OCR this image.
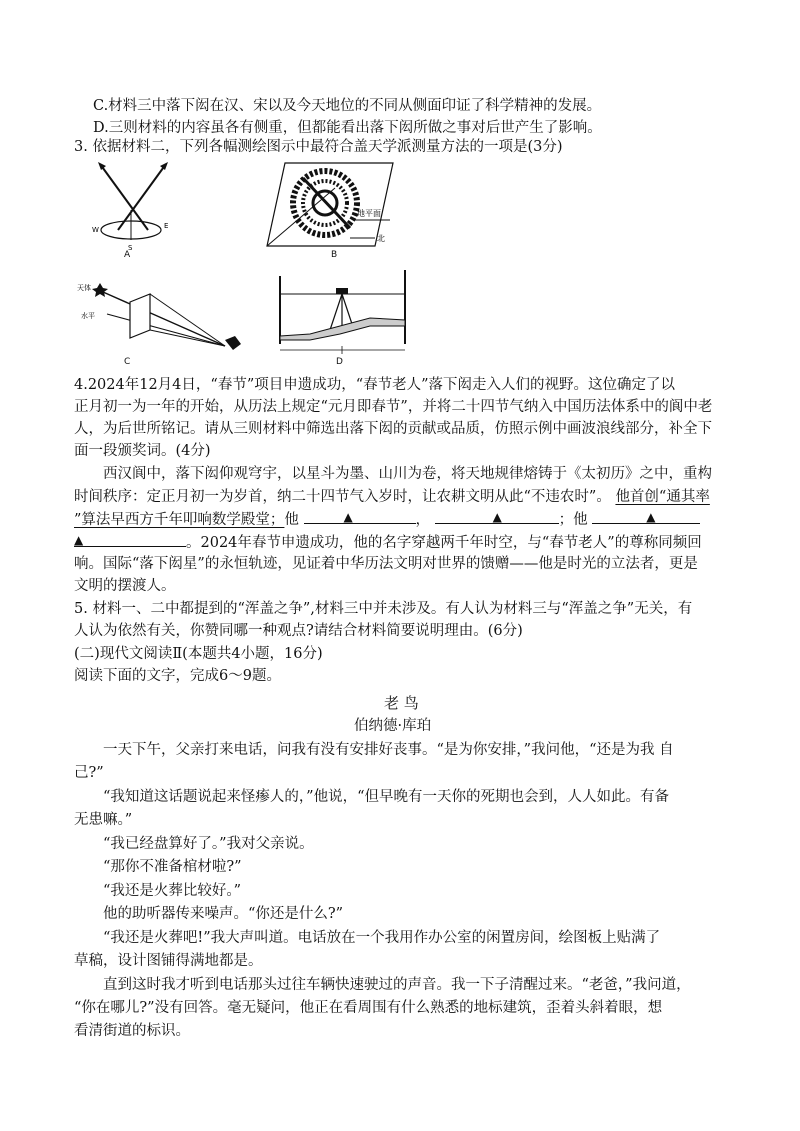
C.材料三中落下闳在汉、宋以及今天地位的不同从侧面印证了科学精神的发展。
D.三则材料的内容虽各有侧重，但都能看出落下闳所做之事对后世产生了影响。
3. 依据材料二，下列各幅测绘图示中最符合盖天学派测量方法的一项是(3分)
W
S
E
A
地平面
北
B
天体
水平
C	D
4.2024年12月4日，“春节”项目申遗成功，“春节老人”落下闳走入人们的视野。这位确定了以
正月初一为一年的开始，从历法上规定“元月即春节”，并将二十四节气纳入中国历法体系中的阆中老
人，为后世所铭记。请从三则材料中筛选出落下闳的贡献或品质，仿照示例中画波浪线部分，补全下
面一段颁奖词。(4分)
西汉阆中，落下闳仰观穹宇，以星斗为墨、山川为卷，将天地规律熔铸于《太初历》之中，重构
时间秩序：定正月初一为岁首，纳二十四节气入岁时，让农耕文明从此“不违农时”。 他首创“通其率
”算法早西方千年叩响数学殿堂；他	▲	，	▲	；他	▲
▲	。2024年春节申遗成功，他的名字穿越两千年时空，与“春节老人”的尊称同频回
响。国际“落下闳星”的永恒轨迹，见证着中华历法文明对世界的馈赠——他是时光的立法者，更是
文明的摆渡人。
5. 材料一、二中都提到的“浑盖之争”,材料三中并未涉及。有人认为材料三与“浑盖之争”无关，有
人认为依然有关，你赞同哪一种观点?请结合材料简要说明理由。(6分)
(二)现代文阅读Ⅱ(本题共4小题，16分)
阅读下面的文字，完成6～9题。
老 鸟
伯纳德·库珀
一天下午，父亲打来电话，问我有没有安排好丧事。“是为你安排，”我问他，“还是为我 自
己?”
“我知道这话题说起来怪瘆人的，”他说，“但早晚有一天你的死期也会到，人人如此。有备
无患嘛。”
“我已经盘算好了。”我对父亲说。
“那你不准备棺材啦?”
“我还是火葬比较好。”
他的助听器传来噪声。“你还是什么?”
“我还是火葬吧!”我大声叫道。电话放在一个我用作办公室的闲置房间，绘图板上贴满了
草稿，设计图铺得满地都是。
直到这时我才听到电话那头过往车辆快速驶过的声音。我一下子清醒过来。“老爸，”我问道，
“你在哪儿?”没有回答。毫无疑问，他正在看周围有什么熟悉的地标建筑，歪着头斜着眼，想
看清街道的标识。
